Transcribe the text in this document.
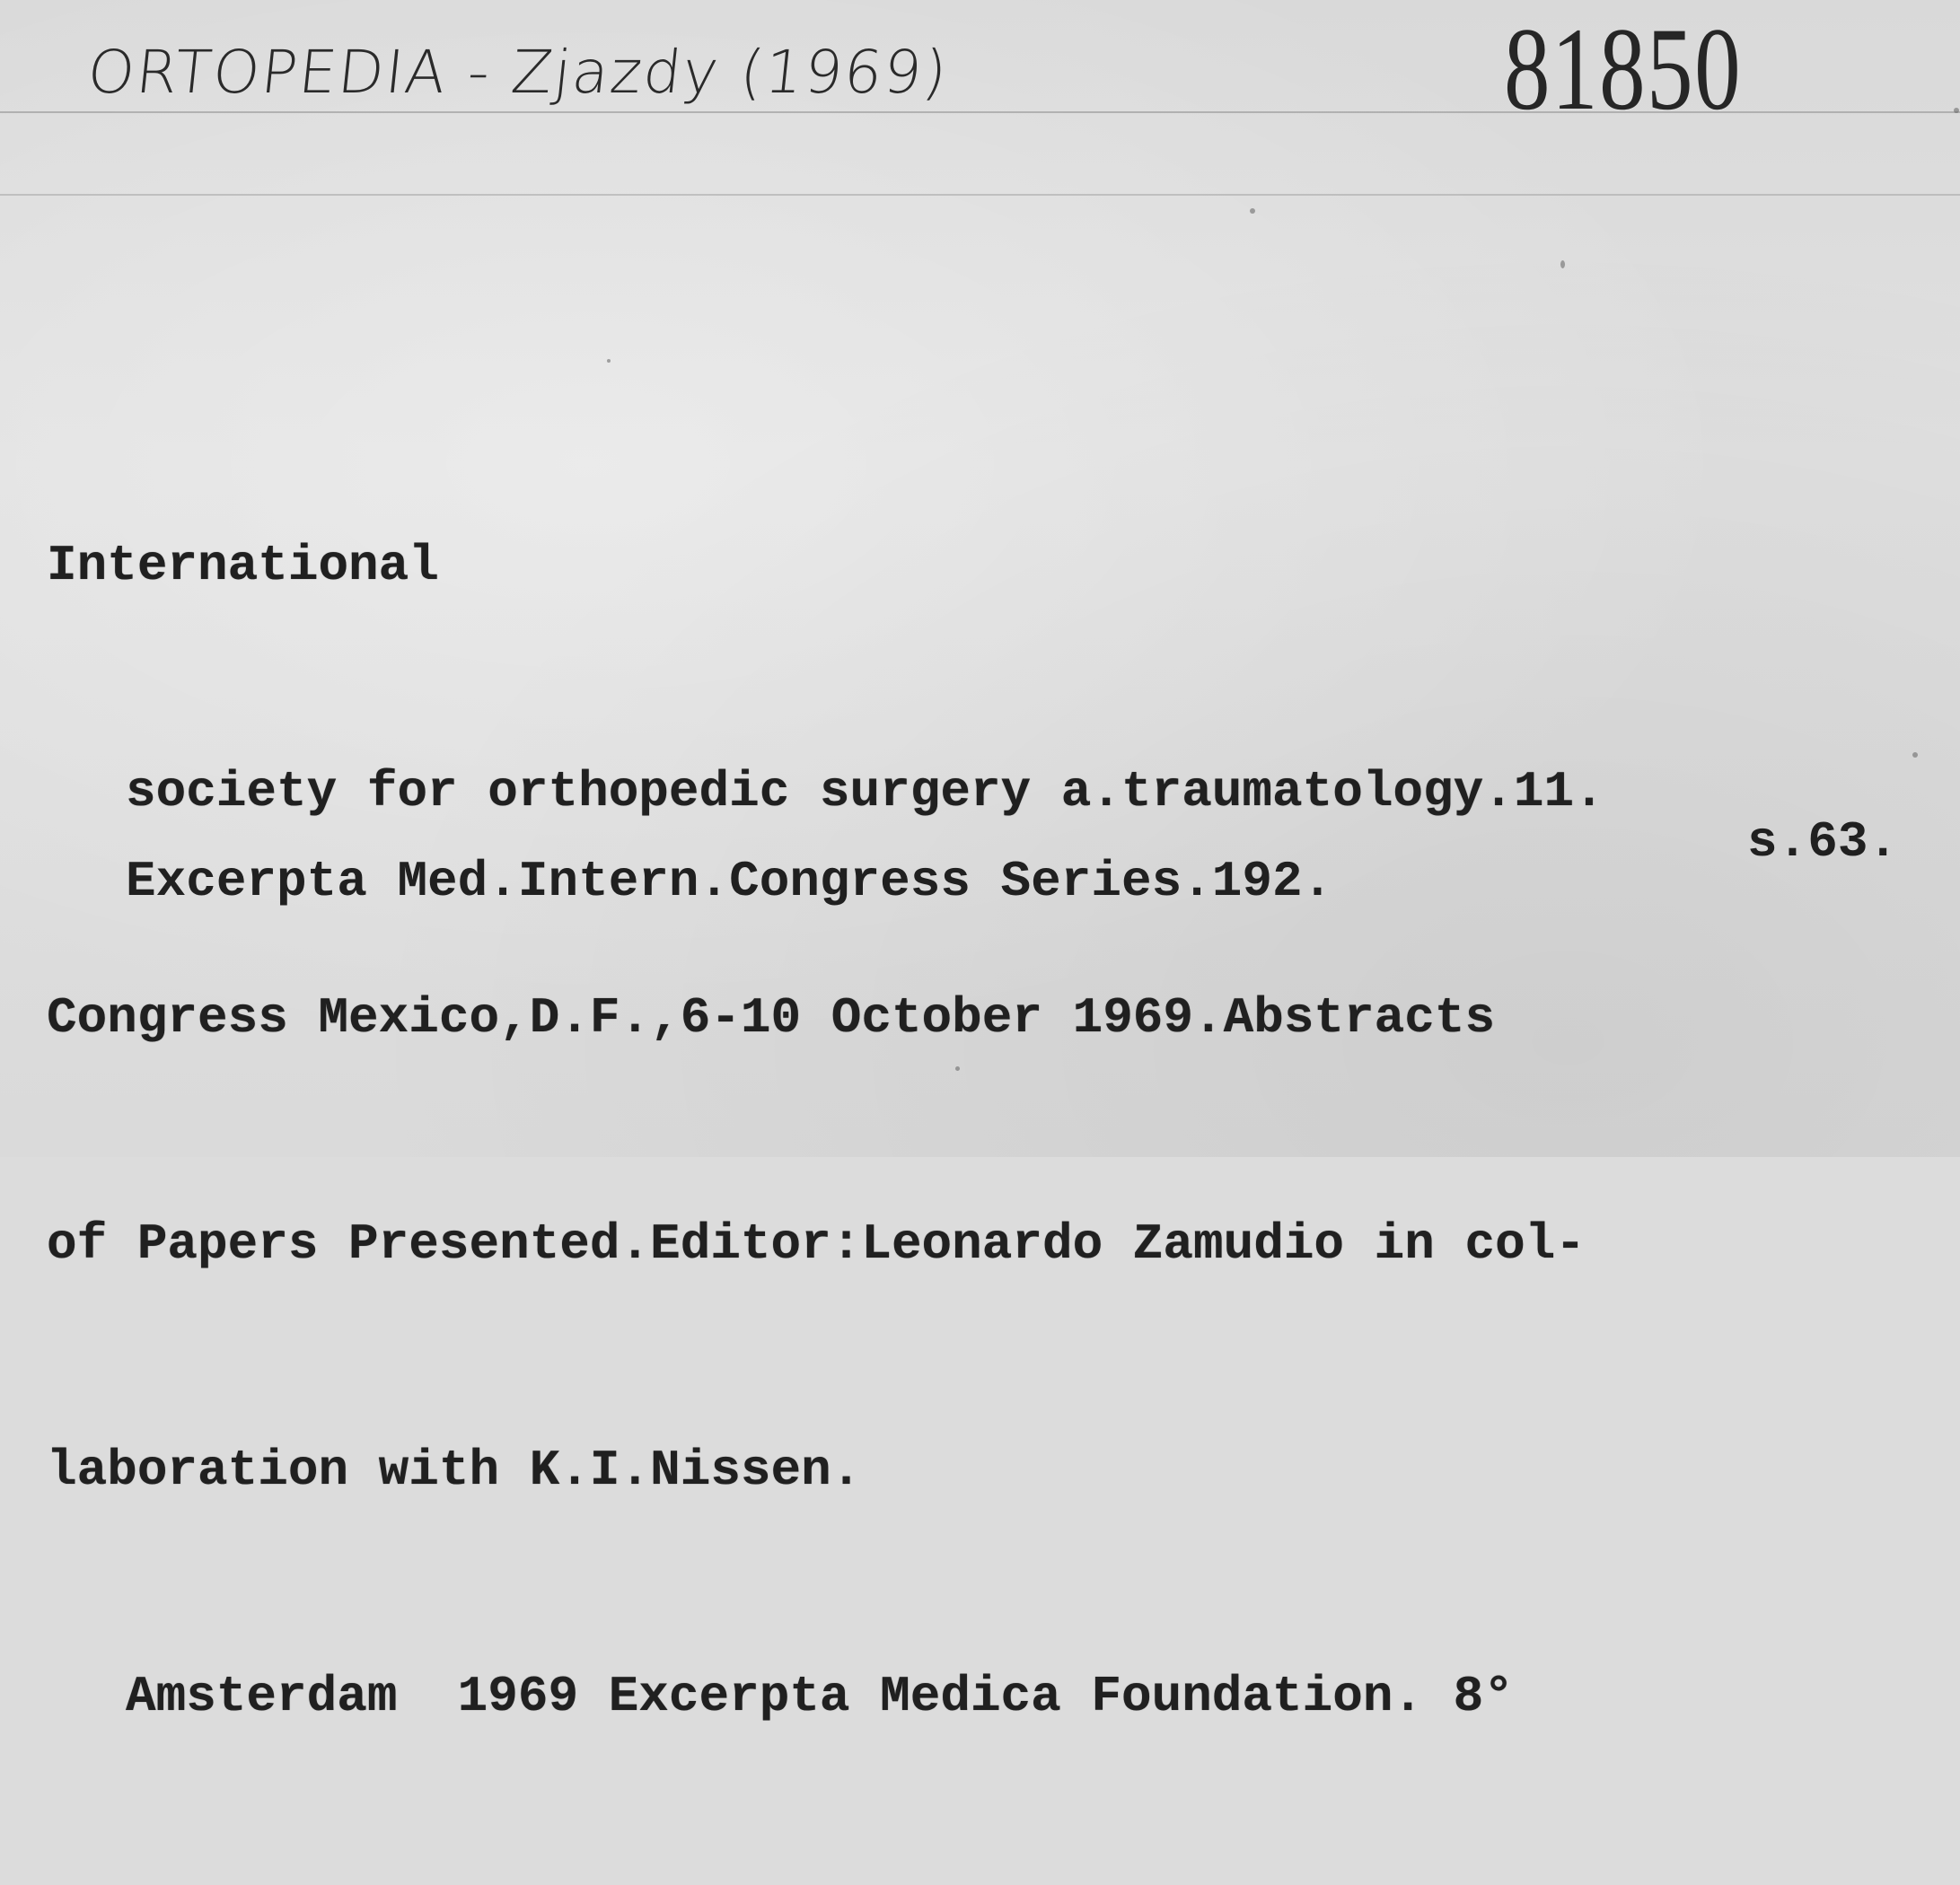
ORTOPEDIA - Zjazdy (1969)	81850

International

society for orthopedic surgery a.traumatology.11.

Congress Mexico,D.F.,6-10 October 1969.Abstracts

of Papers Presented.Editor:Leonardo Zamudio in col-

laboration with K.I.Nissen.

Amsterdam  1969 Excerpta Medica Foundation. 8°

s.63.
Excerpta Med.Intern.Congress Series.192.
